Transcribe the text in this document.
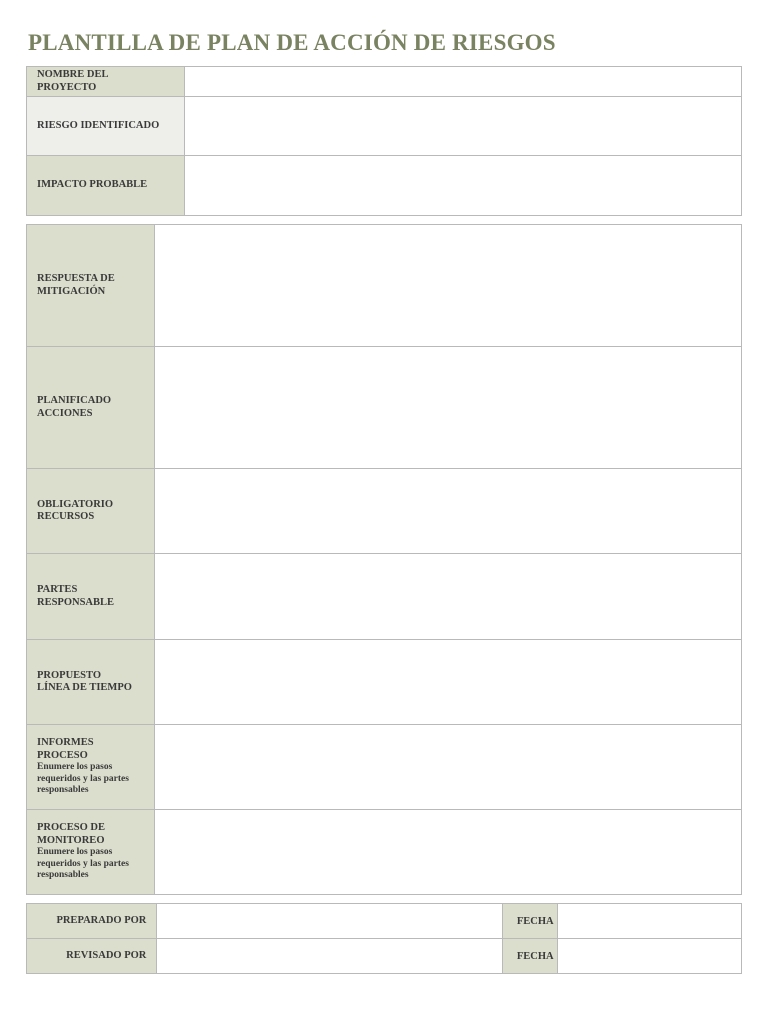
PLANTILLA DE PLAN DE ACCIÓN DE RIESGOS
NOMBRE DEL PROYECTO	
RIESGO IDENTIFICADO	
IMPACTO PROBABLE	
RESPUESTA DE
MITIGACIÓN	

PLANIFICADO
ACCIONES	

OBLIGATORIO
RECURSOS	

PARTES
RESPONSABLE	

PROPUESTO
LÍNEA DE TIEMPO	

INFORMES
PROCESO
Enumere los pasos requeridos y las partes responsables	

PROCESO DE
MONITOREO
Enumere los pasos requeridos y las partes responsables	

PREPARADO POR		FECHA	
REVISADO POR		FECHA	
